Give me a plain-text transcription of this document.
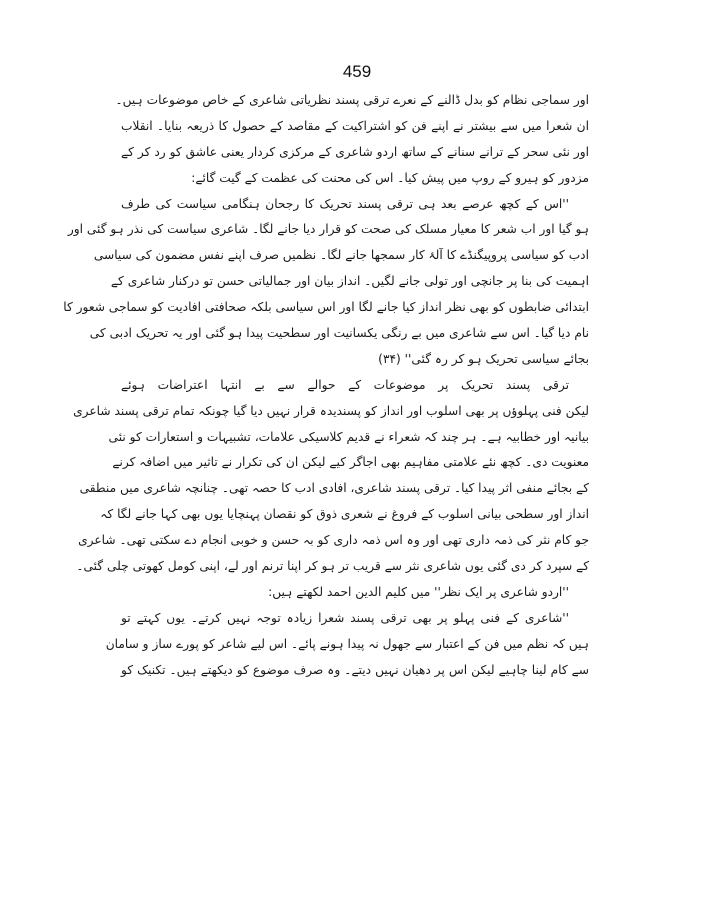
459
اور سماجی نظام کو بدل ڈالنے کے نعرے ترقی پسند نظریاتی شاعری کے خاص موضوعات ہیں۔
ان شعرا میں سے بیشتر نے اپنے فن کو اشتراکیت کے مقاصد کے حصول کا ذریعہ بنایا۔ انقلاب
اور نئی سحر کے ترانے سنانے کے ساتھ اردو شاعری کے مرکزی کردار یعنی عاشق کو رد کر کے
مزدور کو ہیرو کے روپ میں پیش کیا۔ اس کی محنت کی عظمت کے گیت گائے:
''اس کے کچھ عرصے بعد ہی ترقی پسند تحریک کا رجحان ہنگامی سیاست کی طرف
ہو گیا اور اب شعر کا معیار مسلک کی صحت کو قرار دیا جانے لگا۔ شاعری سیاست کی نذر ہو گئی اور
ادب کو سیاسی پروپیگنڈے کا آلۂ کار سمجھا جانے لگا۔ نظمیں صرف اپنے نفس مضمون کی سیاسی
اہمیت کی بنا پر جانچی اور تولی جانے لگیں۔ انداز بیان اور جمالیاتی حسن تو درکنار شاعری کے
ابتدائی ضابطوں کو بھی نظر انداز کیا جانے لگا اور اس سیاسی بلکہ صحافتی افادیت کو سماجی شعور کا
نام دیا گیا۔ اس سے شاعری میں بے رنگی یکسانیت اور سطحیت پیدا ہو گئی اور یہ تحریک ادبی کی
بجائے سیاسی تحریک ہو کر رہ گئی'' (۳۴)
ترقی پسند تحریک پر موضوعات کے حوالے سے بے انتہا اعتراضات ہوئے
لیکن فنی پہلوؤں پر بھی اسلوب اور انداز کو پسندیدہ قرار نہیں دیا گیا چونکہ تمام ترقی پسند شاعری
بیانیہ اور خطابیہ ہے۔ ہر چند کہ شعراء نے قدیم کلاسیکی علامات، تشبیہات و استعارات کو نئی
معنویت دی۔ کچھ نئے علامتی مفاہیم بھی اجاگر کیے لیکن ان کی تکرار نے تاثیر میں اضافہ کرنے
کے بجائے منفی اثر پیدا کیا۔ ترقی پسند شاعری، افادی ادب کا حصہ تھی۔ چنانچہ شاعری میں منطقی
انداز اور سطحی بیانی اسلوب کے فروغ نے شعری ذوق کو نقصان پہنچایا یوں بھی کہا جانے لگا کہ
جو کام نثر کی ذمہ داری تھی اور وہ اس ذمہ داری کو بہ حسن و خوبی انجام دے سکتی تھی۔ شاعری
کے سپرد کر دی گئی یوں شاعری نثر سے قریب تر ہو کر اپنا ترنم اور لے، اپنی کومل کھوتی چلی گئی۔
''اردو شاعری پر ایک نظر'' میں کلیم الدین احمد لکھتے ہیں:
''شاعری کے فنی پہلو پر بھی ترقی پسند شعرا زیادہ توجہ نہیں کرتے۔ یوں کہتے تو
ہیں کہ نظم میں فن کے اعتبار سے جھول نہ پیدا ہونے پائے۔ اس لیے شاعر کو پورے ساز و سامان
سے کام لینا چاہیے لیکن اس پر دھیان نہیں دیتے۔ وہ صرف موضوع کو دیکھتے ہیں۔ تکنیک کو
